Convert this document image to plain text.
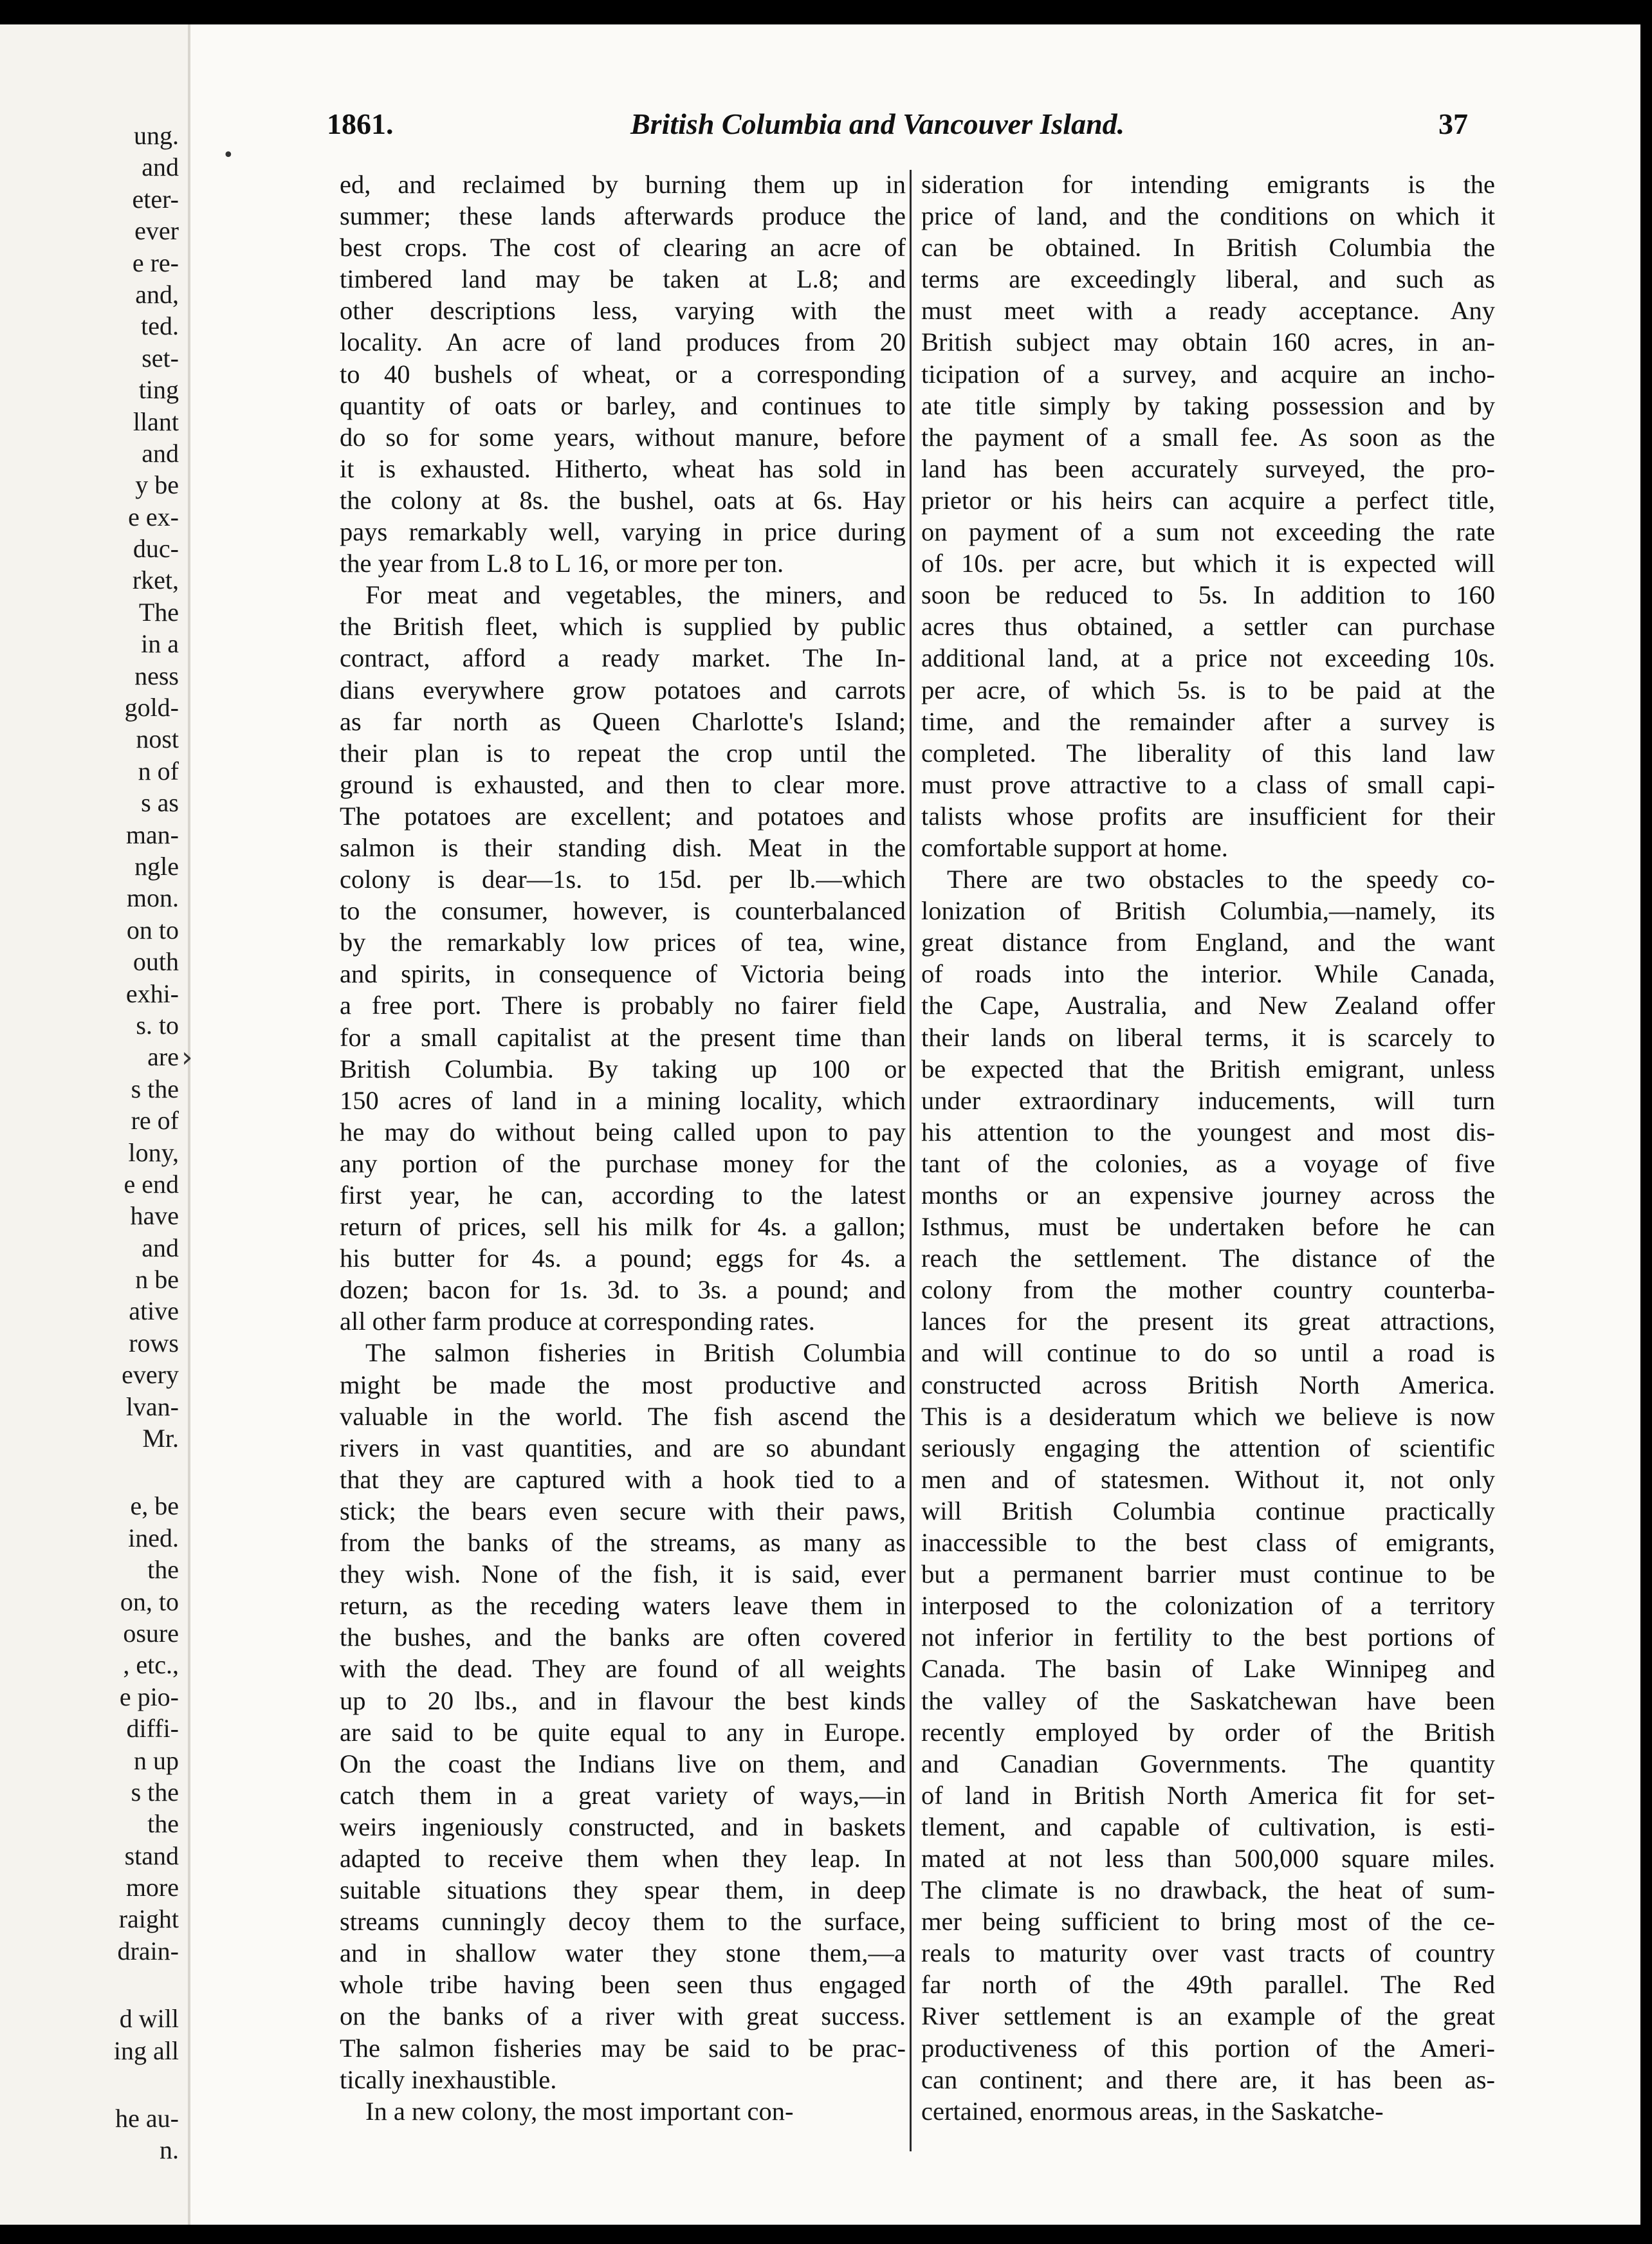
ung.
and
eter-
ever
e re-
and,
ted.
set-
ting
llant
and
y be
e ex-
duc-
rket,
The
in a
ness
gold-
nost
n of
s as
man-
ngle
mon.
on to
outh
exhi-
s. to
are
s the
re of
lony,
e end
have
and
n be
ative
rows
every
lvan-
Mr.
e, be
ined.
the
on, to
osure
, etc.,
e pio-
diffi-
n up
s the
the
stand
more
raight
drain-
d will
ing all
he au-
n.
•
›
1861.	British Columbia and Vancouver Island.	37
ed, and reclaimed by burning them up in
summer; these lands afterwards produce the
best crops. The cost of clearing an acre of
timbered land may be taken at L.8; and
other descriptions less, varying with the
locality. An acre of land produces from 20
to 40 bushels of wheat, or a corresponding
quantity of oats or barley, and continues to
do so for some years, without manure, before
it is exhausted. Hitherto, wheat has sold in
the colony at 8s. the bushel, oats at 6s. Hay
pays remarkably well, varying in price during
the year from L.8 to L 16, or more per ton.
For meat and vegetables, the miners, and
the British fleet, which is supplied by public
contract, afford a ready market. The In-
dians everywhere grow potatoes and carrots
as far north as Queen Charlotte's Island;
their plan is to repeat the crop until the
ground is exhausted, and then to clear more.
The potatoes are excellent; and potatoes and
salmon is their standing dish. Meat in the
colony is dear—1s. to 15d. per lb.—which
to the consumer, however, is counterbalanced
by the remarkably low prices of tea, wine,
and spirits, in consequence of Victoria being
a free port. There is probably no fairer field
for a small capitalist at the present time than
British Columbia. By taking up 100 or
150 acres of land in a mining locality, which
he may do without being called upon to pay
any portion of the purchase money for the
first year, he can, according to the latest
return of prices, sell his milk for 4s. a gallon;
his butter for 4s. a pound; eggs for 4s. a
dozen; bacon for 1s. 3d. to 3s. a pound; and
all other farm produce at corresponding rates.
The salmon fisheries in British Columbia
might be made the most productive and
valuable in the world. The fish ascend the
rivers in vast quantities, and are so abundant
that they are captured with a hook tied to a
stick; the bears even secure with their paws,
from the banks of the streams, as many as
they wish. None of the fish, it is said, ever
return, as the receding waters leave them in
the bushes, and the banks are often covered
with the dead. They are found of all weights
up to 20 lbs., and in flavour the best kinds
are said to be quite equal to any in Europe.
On the coast the Indians live on them, and
catch them in a great variety of ways,—in
weirs ingeniously constructed, and in baskets
adapted to receive them when they leap. In
suitable situations they spear them, in deep
streams cunningly decoy them to the surface,
and in shallow water they stone them,—a
whole tribe having been seen thus engaged
on the banks of a river with great success.
The salmon fisheries may be said to be prac-
tically inexhaustible.
In a new colony, the most important con-
sideration for intending emigrants is the
price of land, and the conditions on which it
can be obtained. In British Columbia the
terms are exceedingly liberal, and such as
must meet with a ready acceptance. Any
British subject may obtain 160 acres, in an-
ticipation of a survey, and acquire an incho-
ate title simply by taking possession and by
the payment of a small fee. As soon as the
land has been accurately surveyed, the pro-
prietor or his heirs can acquire a perfect title,
on payment of a sum not exceeding the rate
of 10s. per acre, but which it is expected will
soon be reduced to 5s. In addition to 160
acres thus obtained, a settler can purchase
additional land, at a price not exceeding 10s.
per acre, of which 5s. is to be paid at the
time, and the remainder after a survey is
completed. The liberality of this land law
must prove attractive to a class of small capi-
talists whose profits are insufficient for their
comfortable support at home.
There are two obstacles to the speedy co-
lonization of British Columbia,—namely, its
great distance from England, and the want
of roads into the interior. While Canada,
the Cape, Australia, and New Zealand offer
their lands on liberal terms, it is scarcely to
be expected that the British emigrant, unless
under extraordinary inducements, will turn
his attention to the youngest and most dis-
tant of the colonies, as a voyage of five
months or an expensive journey across the
Isthmus, must be undertaken before he can
reach the settlement. The distance of the
colony from the mother country counterba-
lances for the present its great attractions,
and will continue to do so until a road is
constructed across British North America.
This is a desideratum which we believe is now
seriously engaging the attention of scientific
men and of statesmen. Without it, not only
will British Columbia continue practically
inaccessible to the best class of emigrants,
but a permanent barrier must continue to be
interposed to the colonization of a territory
not inferior in fertility to the best portions of
Canada. The basin of Lake Winnipeg and
the valley of the Saskatchewan have been
recently employed by order of the British
and Canadian Governments. The quantity
of land in British North America fit for set-
tlement, and capable of cultivation, is esti-
mated at not less than 500,000 square miles.
The climate is no drawback, the heat of sum-
mer being sufficient to bring most of the ce-
reals to maturity over vast tracts of country
far north of the 49th parallel. The Red
River settlement is an example of the great
productiveness of this portion of the Ameri-
can continent; and there are, it has been as-
certained, enormous areas, in the Saskatche-
